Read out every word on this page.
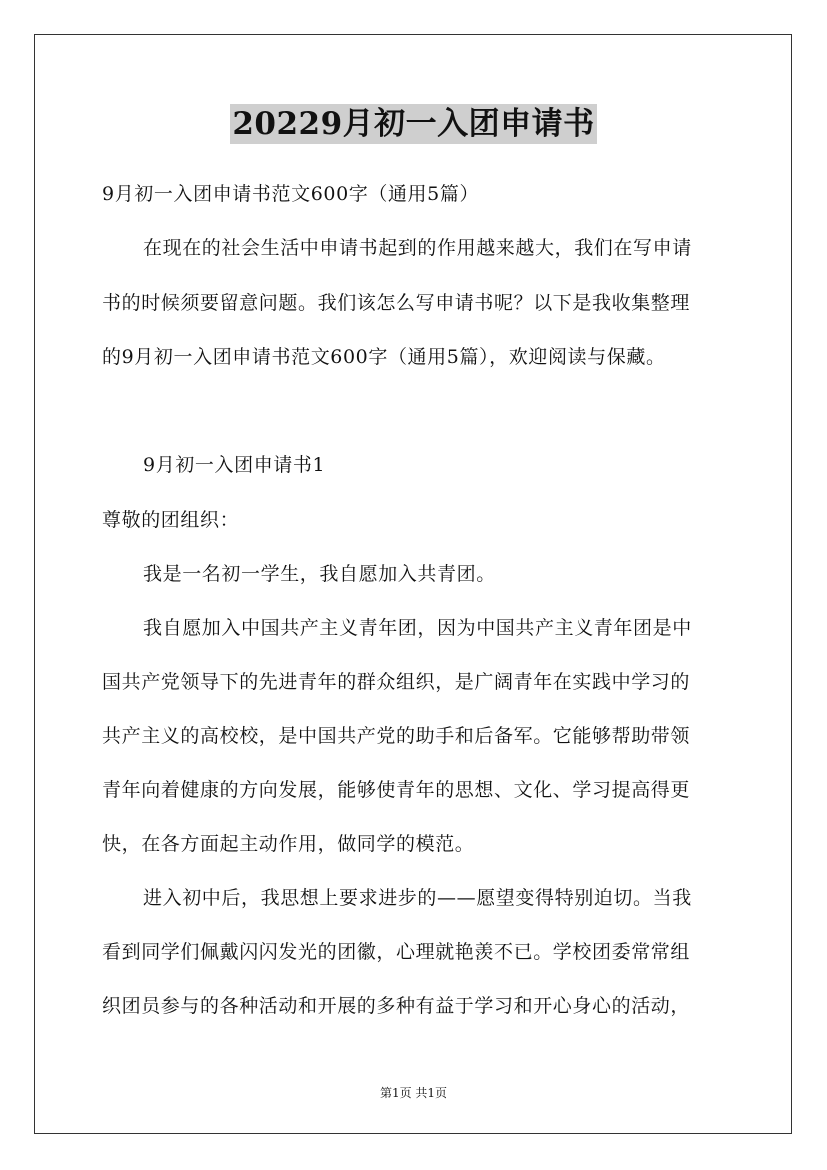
20229月初一入团申请书
9月初一入团申请书范文600字（通用5篇）
在现在的社会生活中申请书起到的作用越来越大，我们在写申请
书的时候须要留意问题。我们该怎么写申请书呢？以下是我收集整理
的9月初一入团申请书范文600字（通用5篇），欢迎阅读与保藏。
9月初一入团申请书1
尊敬的团组织：
我是一名初一学生，我自愿加入共青团。
我自愿加入中国共产主义青年团，因为中国共产主义青年团是中
国共产党领导下的先进青年的群众组织，是广阔青年在实践中学习的
共产主义的高校校，是中国共产党的助手和后备军。它能够帮助带领
青年向着健康的方向发展，能够使青年的思想、文化、学习提高得更
快，在各方面起主动作用，做同学的模范。
进入初中后，我思想上要求进步的——愿望变得特别迫切。当我
看到同学们佩戴闪闪发光的团徽，心理就艳羡不已。学校团委常常组
织团员参与的各种活动和开展的多种有益于学习和开心身心的活动，
第1页 共1页
